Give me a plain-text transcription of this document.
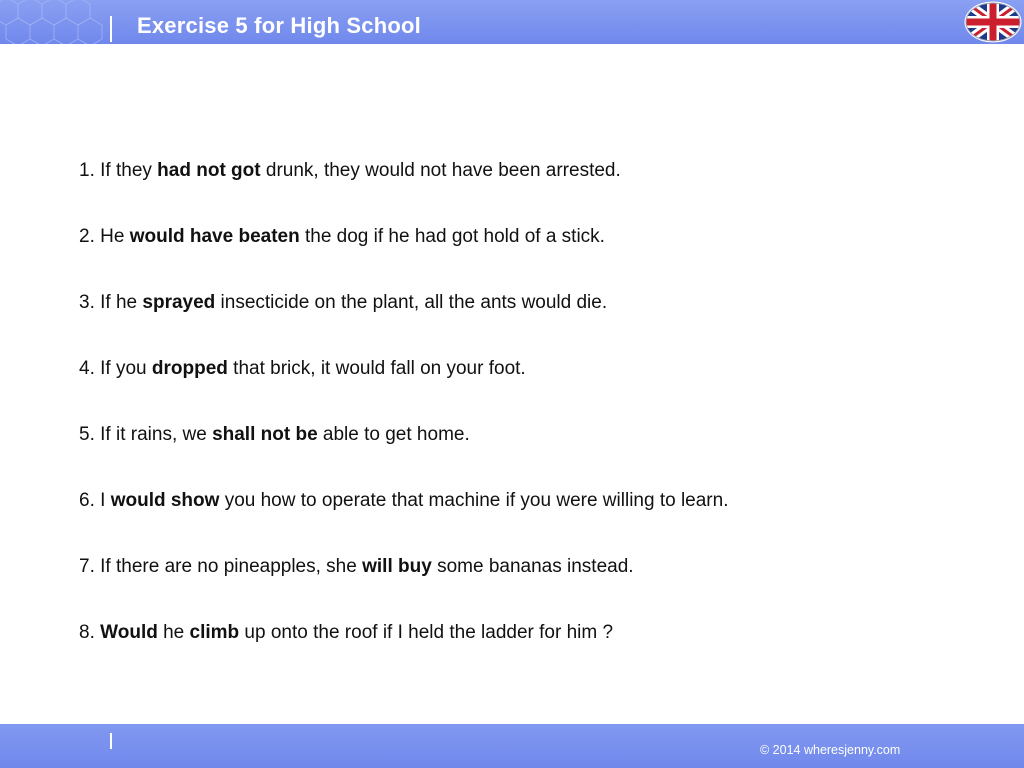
Exercise 5 for High School
1. If they had not got drunk, they would not have been arrested.
2. He would have beaten the dog if he had got hold of a stick.
3. If he sprayed insecticide on the plant, all the ants would die.
4. If you dropped that brick, it would fall on your foot.
5. If it rains, we shall not be able to get home.
6. I would show you how to operate that machine if you were willing to learn.
7. If there are no pineapples, she will buy some bananas instead.
8. Would he climb up onto the roof if I held the ladder for him ?
© 2014 wheresjenny.com
